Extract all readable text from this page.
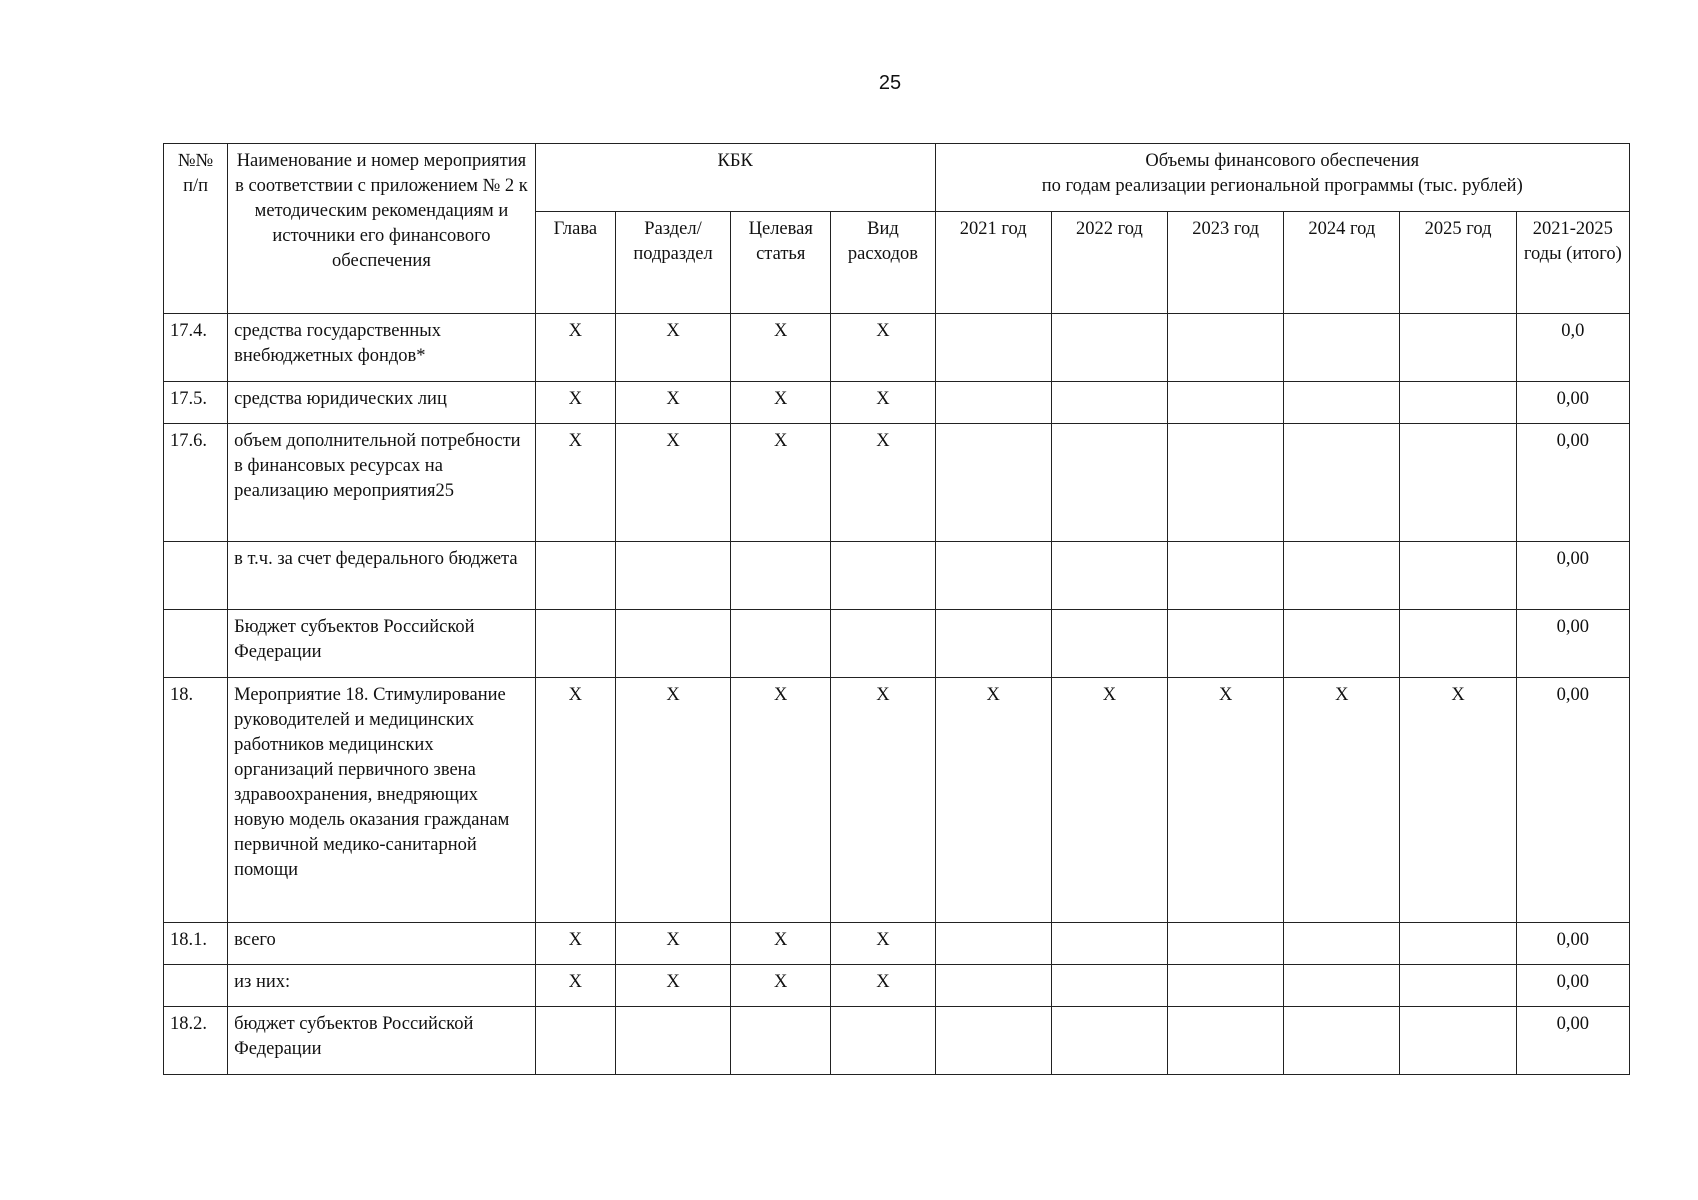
25
№№ п/п	Наименование и номер мероприятия в соответствии с приложением № 2 к методическим рекомендациям и источники его финансового обеспечения	КБК				Объемы финансового обеспечения
по годам реализации региональной программы (тыс. рублей)					

		Глава	Раздел/ подраздел	Целевая статья	Вид расходов	2021 год	2022 год	2023 год	2024 год	2025 год	2021-2025 годы (итого)
17.4.	средства государственных внебюджетных фондов*	Х	Х	Х	Х						0,0
17.5.	средства юридических лиц	Х	Х	Х	Х						0,00
17.6.	объем дополнительной потребности в финансовых ресурсах на реализацию мероприятия25	Х	Х	Х	Х						0,00
	в т.ч. за счет федерального бюджета										0,00
	Бюджет субъектов Российской Федерации										0,00
18.	Мероприятие 18. Стимулирование руководителей и медицинских работников медицинских организаций первичного звена здравоохранения, внедряющих новую модель оказания гражданам первичной медико-санитарной помощи	Х	Х	Х	Х	Х	Х	Х	Х	Х	0,00
18.1.	всего	Х	Х	Х	Х						0,00
	из них:	Х	Х	Х	Х						0,00
18.2.	бюджет субъектов Российской Федерации										0,00
